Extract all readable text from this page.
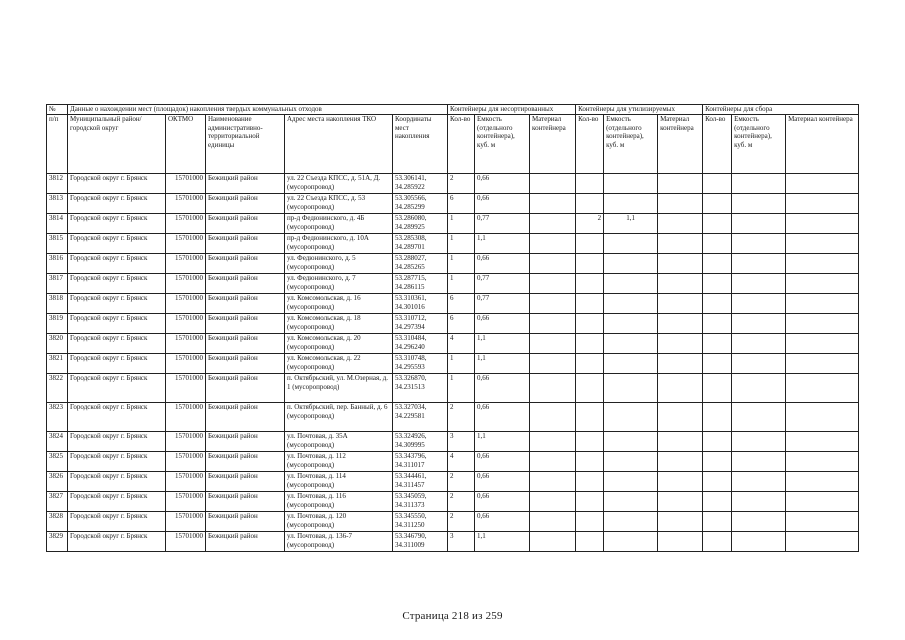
№	Данные о нахождении мест (площадок) накопления твердых коммунальных отходов					Контейнеры для несортированных			Контейнеры для утилизируемых			Контейнеры для сбора		
п/п	Муниципальный район/городской округ	ОКТМО	Наименование административно-территориальной единицы	Адрес места накопления ТКО	Координаты мест накопления	Кол-во	Емкость (отдельного контейнера), куб. м	Материал контейнера	Кол-во	Емкость (отдельного контейнера), куб. м	Материал контейнера	Кол-во	Емкость (отдельного контейнера), куб. м	Материал контейнера
3812	Городской округ г. Брянск	15701000	Бежицкий район	ул. 22 Съезда КПСС, д. 51А, Д. (мусоропровод)	53.306141, 34.285922	2	0,66							
3813	Городской округ г. Брянск	15701000	Бежицкий район	ул. 22 Съезда КПСС, д. 53 (мусоропровод)	53.305566, 34.285299	6	0,66							
3814	Городской округ г. Брянск	15701000	Бежицкий район	пр-д Федюнинского, д. 4Б (мусоропровод)	53.286080, 34.289925	1	0,77		2	1,1				
3815	Городской округ г. Брянск	15701000	Бежицкий район	пр-д Федюнинского, д. 10А (мусоропровод)	53.285308, 34.289701	1	1,1							
3816	Городской округ г. Брянск	15701000	Бежицкий район	ул. Федюнинского, д. 5 (мусоропровод)	53.288027, 34.285265	1	0,66							
3817	Городской округ г. Брянск	15701000	Бежицкий район	ул. Федюнинского, д. 7 (мусоропровод)	53.287715, 34.286115	1	0,77							
3818	Городской округ г. Брянск	15701000	Бежицкий район	ул. Комсомольская, д. 16 (мусоропровод)	53.310361, 34.301016	6	0,77							
3819	Городской округ г. Брянск	15701000	Бежицкий район	ул. Комсомольская, д. 18 (мусоропровод)	53.310712, 34.297394	6	0,66							
3820	Городской округ г. Брянск	15701000	Бежицкий район	ул. Комсомольская, д. 20 (мусоропровод)	53.310484, 34.296240	4	1,1							
3821	Городской округ г. Брянск	15701000	Бежицкий район	ул. Комсомольская, д. 22 (мусоропровод)	53.310748, 34.295593	1	1,1							
3822	Городской округ г. Брянск	15701000	Бежицкий район	п. Октябрьский, ул. М.Озерная, д. 1 (мусоропровод)	53.326870, 34.231513	1	0,66							
3823	Городской округ г. Брянск	15701000	Бежицкий район	п. Октябрьский, пер. Банный, д. 6 (мусоропровод)	53.327034, 34.229581	2	0,66							
3824	Городской округ г. Брянск	15701000	Бежицкий район	ул. Почтовая, д. 35А (мусоропровод)	53.324926, 34.309995	3	1,1							
3825	Городской округ г. Брянск	15701000	Бежицкий район	ул. Почтовая, д. 112 (мусоропровод)	53.343796, 34.311017	4	0,66							
3826	Городской округ г. Брянск	15701000	Бежицкий район	ул. Почтовая, д. 114 (мусоропровод)	53.344461, 34.311457	2	0,66							
3827	Городской округ г. Брянск	15701000	Бежицкий район	ул. Почтовая, д. 116 (мусоропровод)	53.345059, 34.311373	2	0,66							
3828	Городской округ г. Брянск	15701000	Бежицкий район	ул. Почтовая, д. 120 (мусоропровод)	53.345550, 34.311250	2	0,66							
3829	Городской округ г. Брянск	15701000	Бежицкий район	ул. Почтовая, д. 136-7 (мусоропровод)	53.346790, 34.311009	3	1,1							
Страница 218 из 259
